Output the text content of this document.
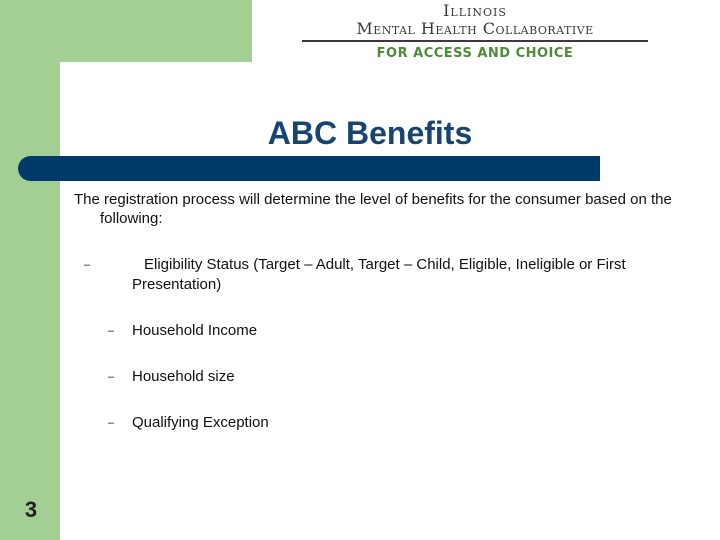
Illinois
Mental Health Collaborative
FOR ACCESS AND CHOICE
ABC Benefits
The registration process will determine the level of benefits for the consumer based on the following:
–	Eligibility Status (Target – Adult, Target – Child, Eligible, Ineligible or First Presentation)
– Household Income
– Household size
– Qualifying Exception
3
